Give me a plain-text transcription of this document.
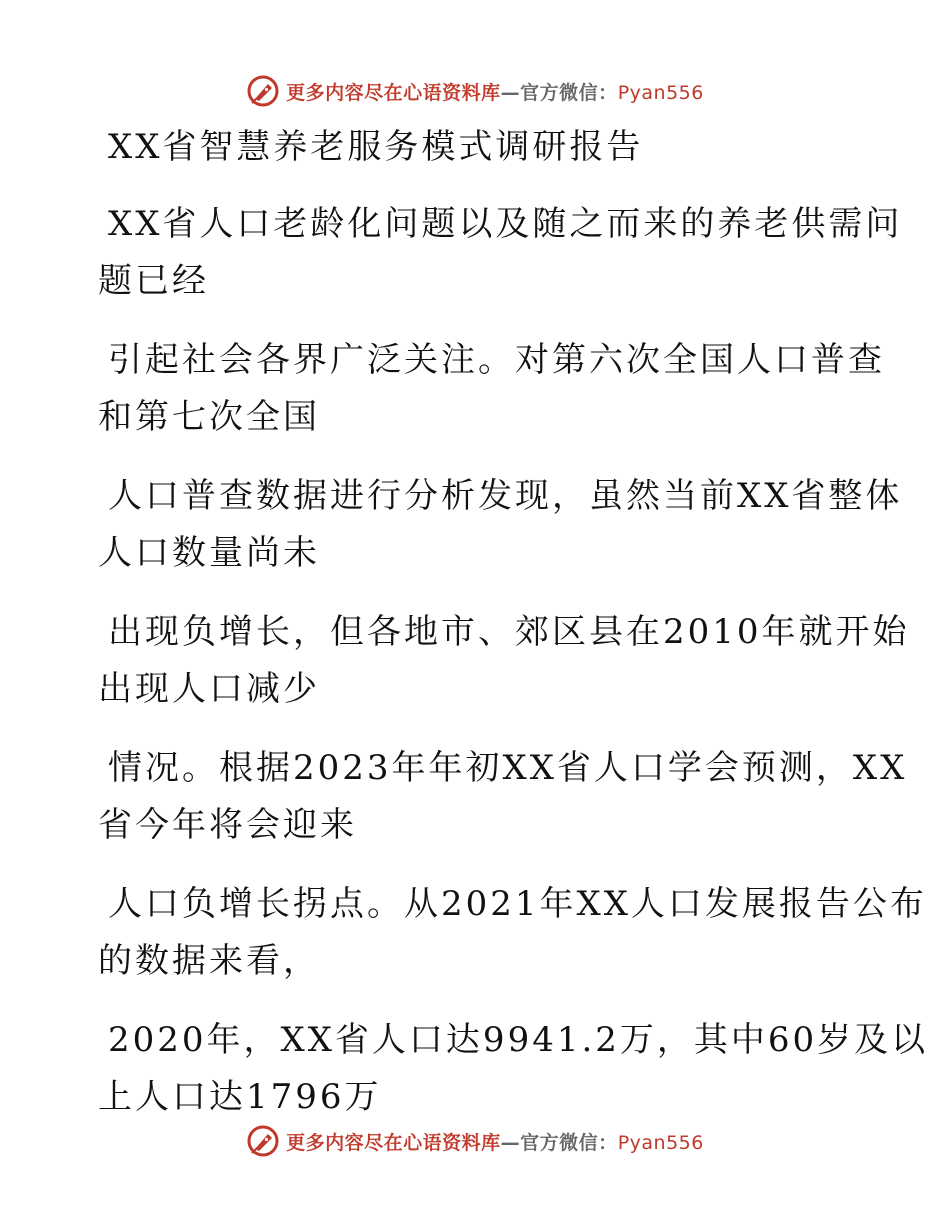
更多内容尽在心语资料库 — 官方微信： Pyan556

XX省智慧养老服务模式调研报告

XX省人口老龄化问题以及随之而来的养老供需问
题已经

引起社会各界广泛关注。对第六次全国人口普查
和第七次全国

人口普查数据进行分析发现，虽然当前XX省整体
人口数量尚未

出现负增长，但各地市、郊区县在2010年就开始
出现人口减少

情况。根据2023年年初XX省人口学会预测，XX
省今年将会迎来

人口负增长拐点。从2021年XX人口发展报告公布
的数据来看，

2020年，XX省人口达9941.2万，其中60岁及以
上人口达1796万

更多内容尽在心语资料库 — 官方微信： Pyan556
